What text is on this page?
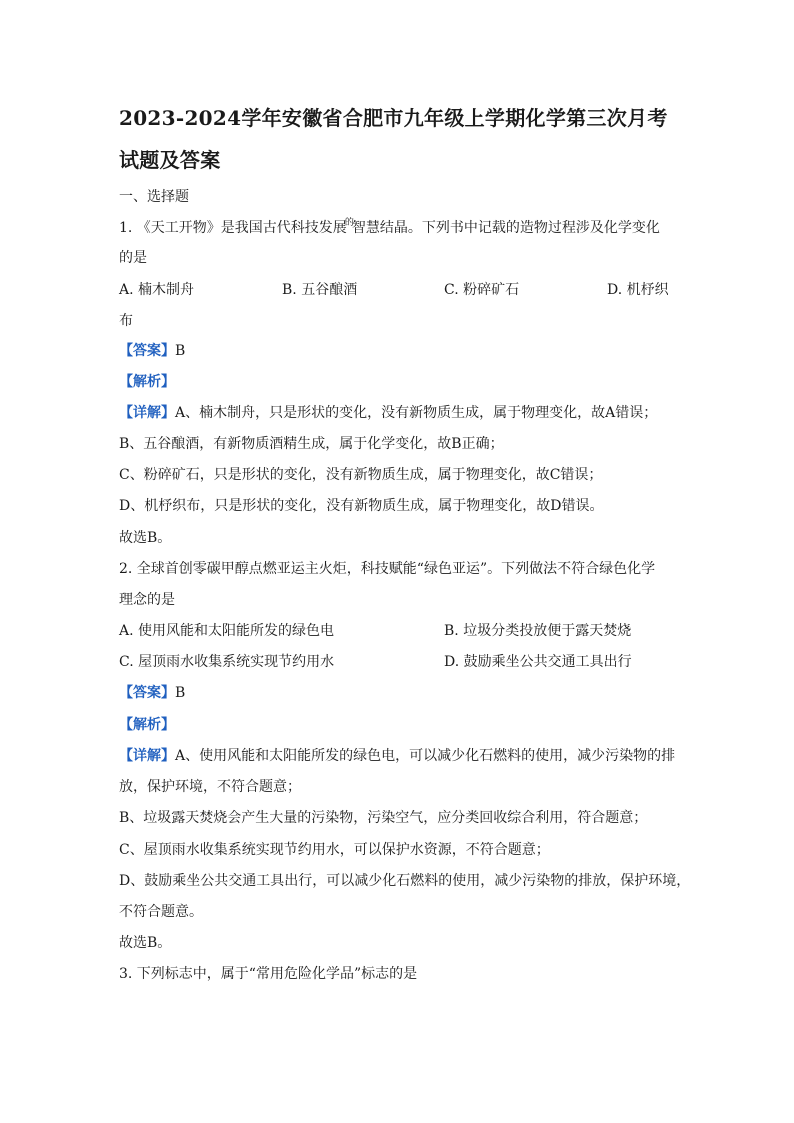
2023-2024学年安徽省合肥市九年级上学期化学第三次月考
试题及答案
一、选择题
1. 《天工开物》是我国古代科技发展$^的$智慧结晶。下列书中记载的造物过程涉及化学变化
的是
A. 楠木制舟	B. 五谷酿酒	C. 粉碎矿石	D. 机杼织
布
【答案】B
【解析】
【详解】A、楠木制舟，只是形状的变化，没有新物质生成，属于物理变化，故A错误；
B、五谷酿酒，有新物质酒精生成，属于化学变化，故B正确；
C、粉碎矿石，只是形状的变化，没有新物质生成，属于物理变化，故C错误；
D、机杼织布，只是形状的变化，没有新物质生成，属于物理变化，故D错误。
故选B。
2. 全球首创零碳甲醇点燃亚运主火炬，科技赋能“绿色亚运”。下列做法不符合绿色化学
理念的是
A. 使用风能和太阳能所发的绿色电	B. 垃圾分类投放便于露天焚烧
C. 屋顶雨水收集系统实现节约用水	D. 鼓励乘坐公共交通工具出行
【答案】B
【解析】
【详解】A、使用风能和太阳能所发的绿色电，可以减少化石燃料的使用，减少污染物的排
放，保护环境，不符合题意；
B、垃圾露天焚烧会产生大量的污染物，污染空气，应分类回收综合利用，符合题意；
C、屋顶雨水收集系统实现节约用水，可以保护水资源，不符合题意；
D、鼓励乘坐公共交通工具出行，可以减少化石燃料的使用，减少污染物的排放，保护环境，
不符合题意。
故选B。
3. 下列标志中，属于“常用危险化学品”标志的是
